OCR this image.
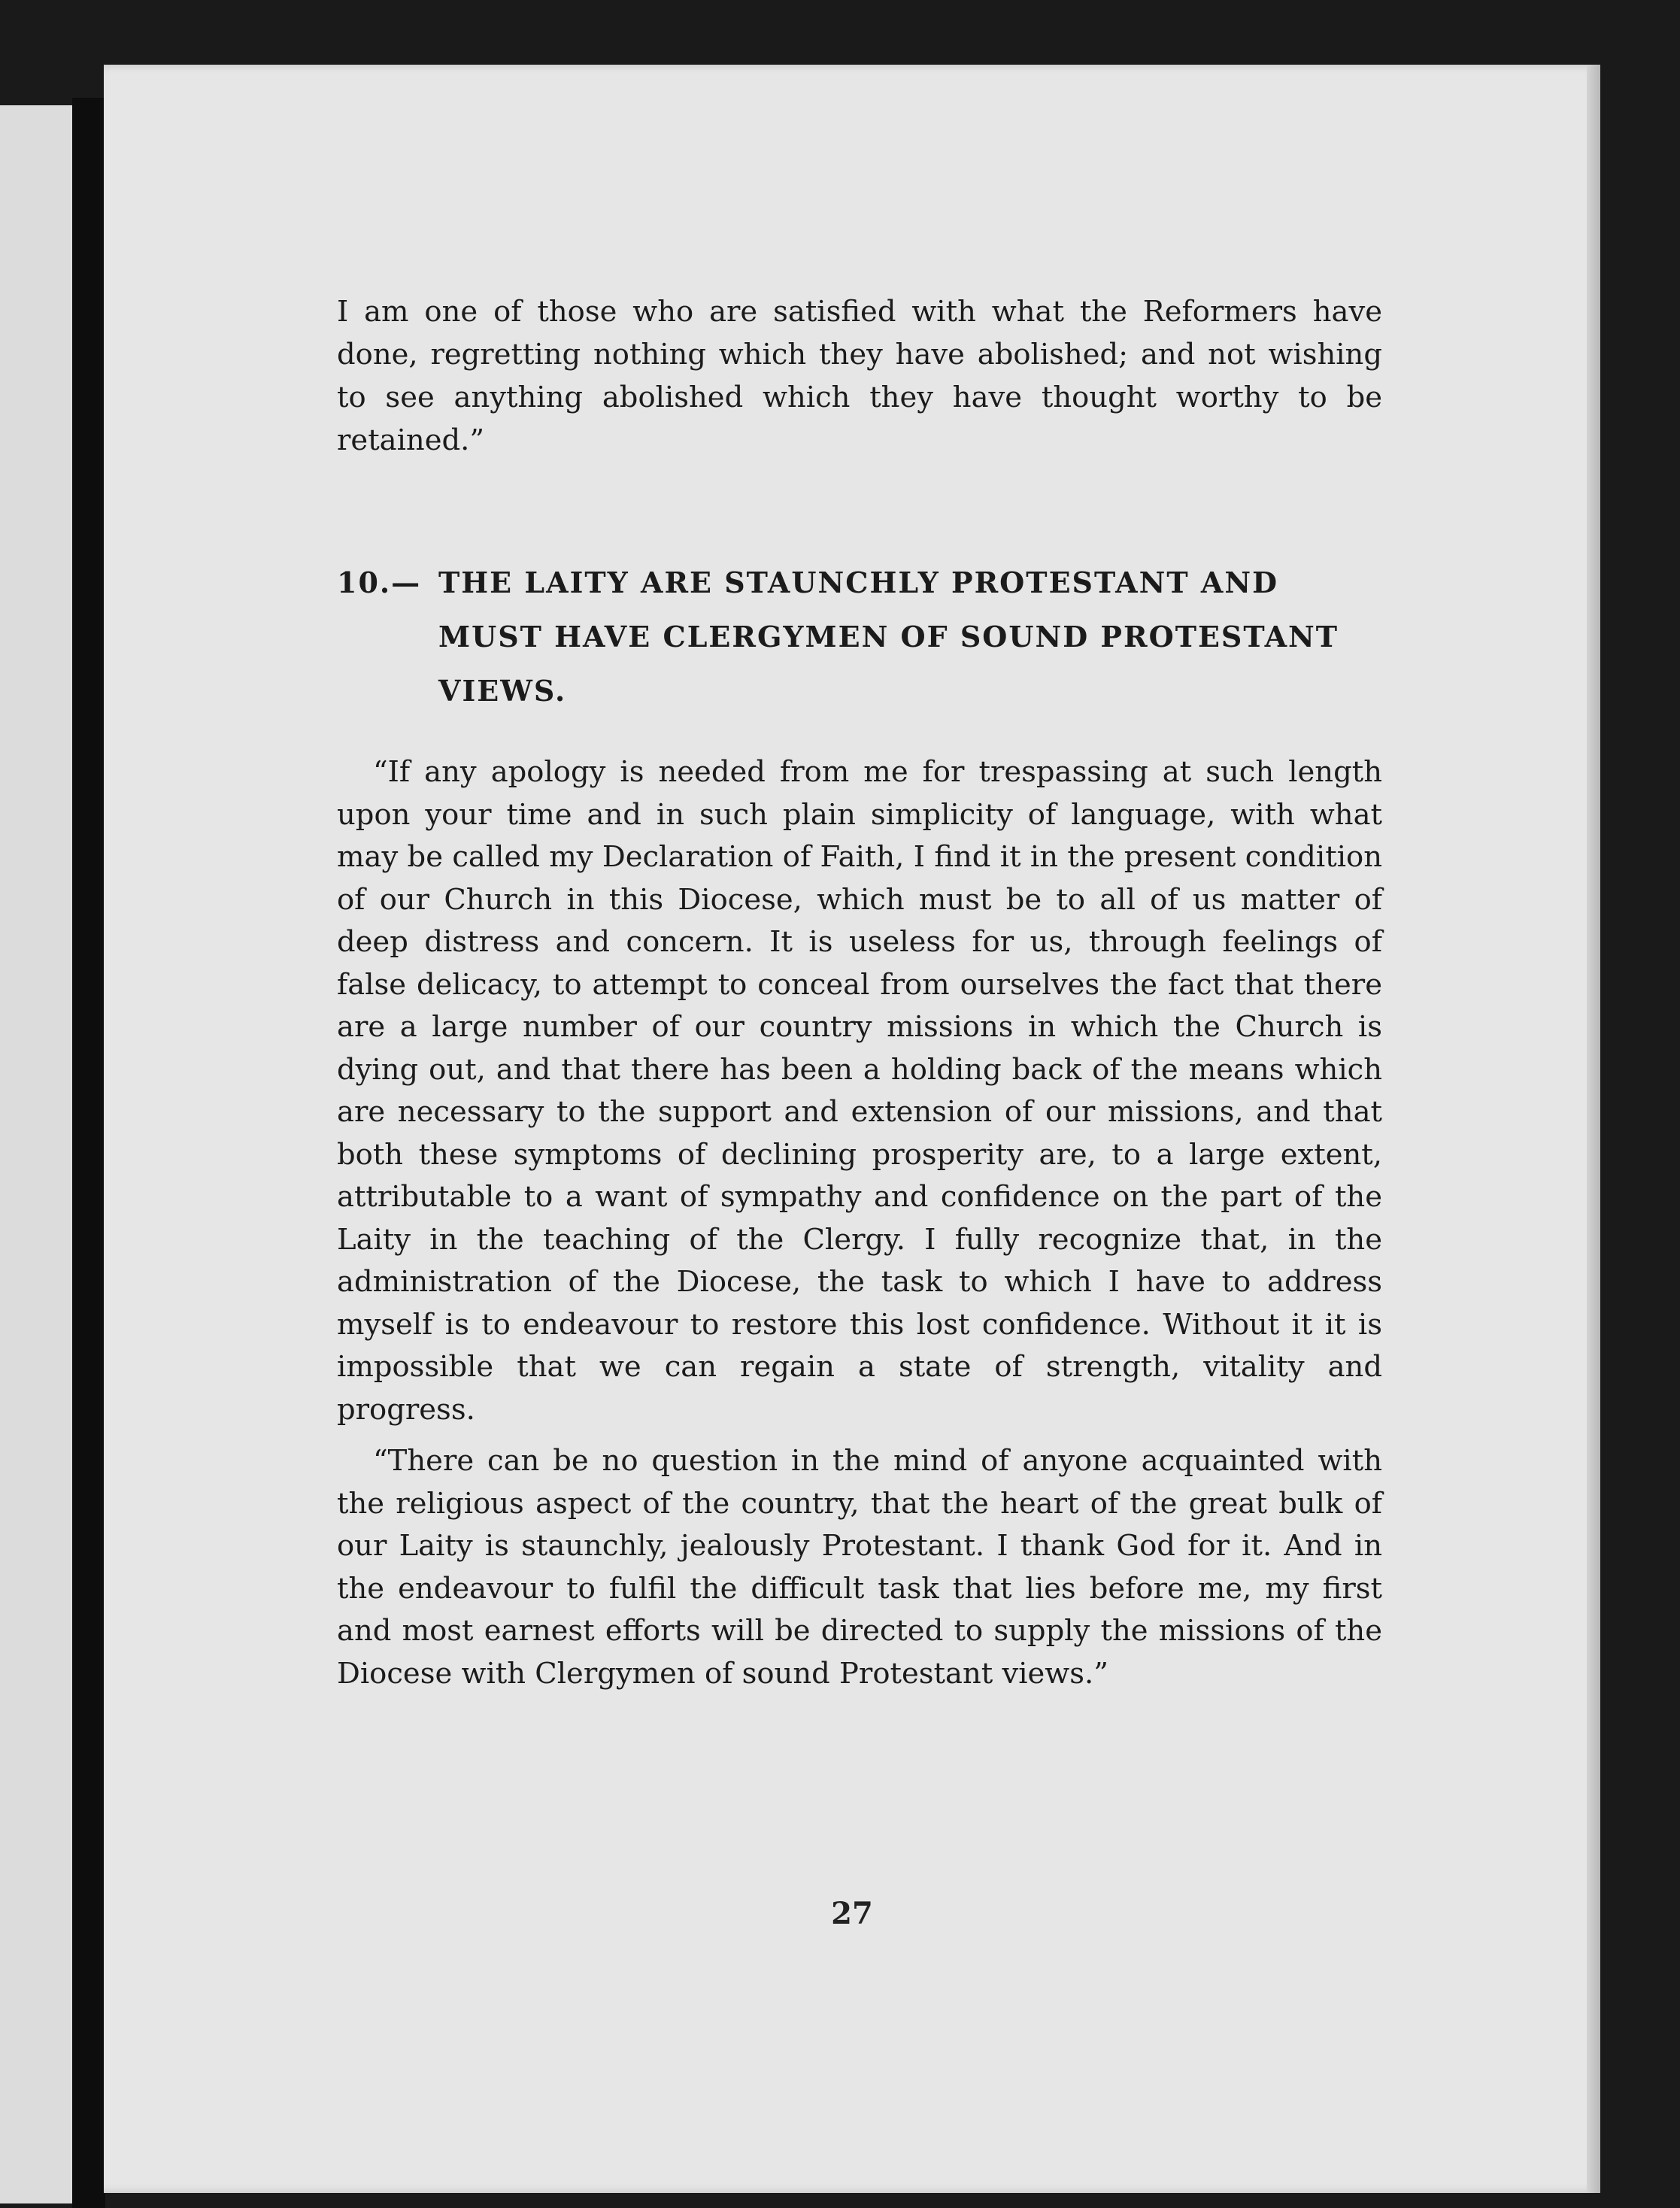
I am one of those who are satisfied with what the Reformers have done, regretting nothing which they have abolished; and not wishing to see anything abolished which they have thought worthy to be retained.”

10.— THE LAITY ARE STAUNCHLY PROTESTANT AND MUST HAVE CLERGYMEN OF SOUND PROTESTANT VIEWS.

“If any apology is needed from me for trespassing at such length upon your time and in such plain simplicity of language, with what may be called my Declaration of Faith, I find it in the present condition of our Church in this Diocese, which must be to all of us matter of deep distress and concern. It is useless for us, through feelings of false delicacy, to attempt to conceal from ourselves the fact that there are a large number of our country missions in which the Church is dying out, and that there has been a holding back of the means which are necessary to the support and extension of our missions, and that both these symptoms of declining prosperity are, to a large extent, attributable to a want of sympathy and confidence on the part of the Laity in the teaching of the Clergy. I fully recognize that, in the administration of the Diocese, the task to which I have to address myself is to endeavour to restore this lost confidence. Without it it is impossible that we can regain a state of strength, vitality and progress.

“There can be no question in the mind of anyone acquainted with the religious aspect of the country, that the heart of the great bulk of our Laity is staunchly, jealously Protestant. I thank God for it. And in the endeavour to fulfil the difficult task that lies before me, my first and most earnest efforts will be directed to supply the missions of the Diocese with Clergymen of sound Protestant views.”

27
